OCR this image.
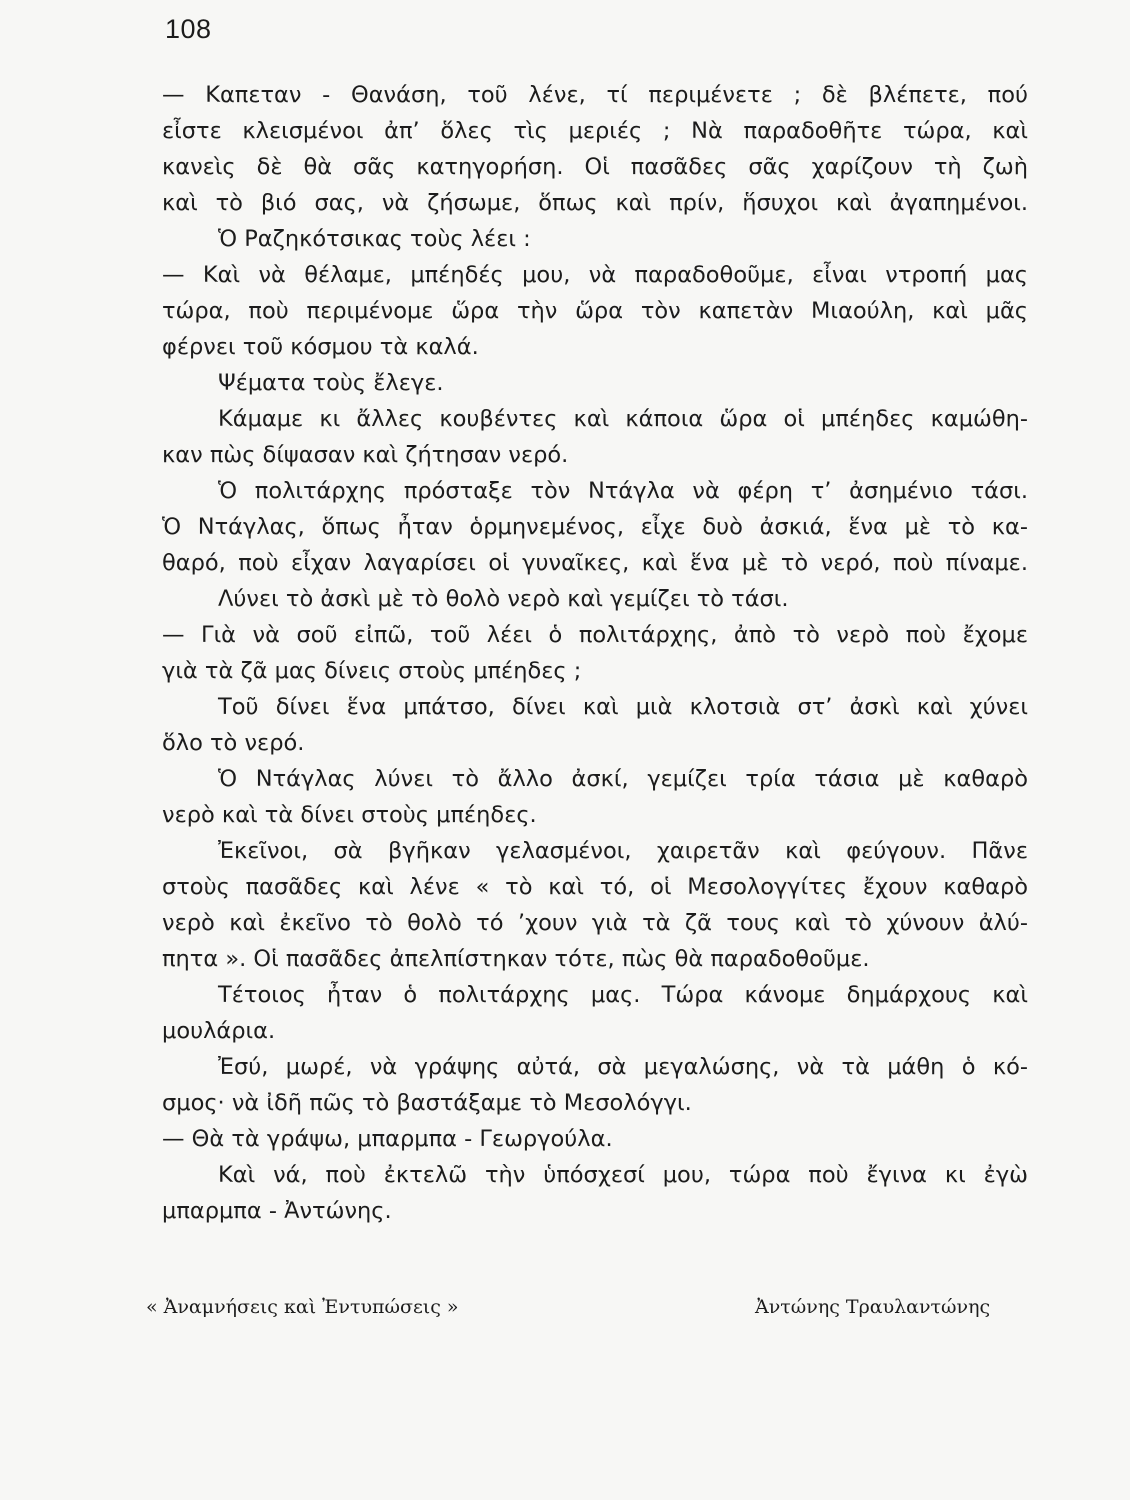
108
— Καπεταν - Θανάση, τοῦ λένε, τί περιμένετε ; δὲ βλέπετε, πού
εἶστε κλεισμένοι ἀπ’ ὅλες τὶς μεριές ; Νὰ παραδοθῆτε τώρα, καὶ
κανεὶς δὲ θὰ σᾶς κατηγορήση. Οἱ πασᾶδες σᾶς χαρίζουν τὴ ζωὴ
καὶ τὸ βιό σας, νὰ ζήσωμε, ὅπως καὶ πρίν, ἥσυχοι καὶ ἀγαπημένοι.
Ὁ Ραζηκότσικας τοὺς λέει :
— Καὶ νὰ θέλαμε, μπέηδές μου, νὰ παραδοθοῦμε, εἶναι ντροπή μας
τώρα, ποὺ περιμένομε ὥρα τὴν ὥρα τὸν καπετὰν Μιαούλη, καὶ μᾶς
φέρνει τοῦ κόσμου τὰ καλά.
Ψέματα τοὺς ἔλεγε.
Κάμαμε κι ἄλλες κουβέντες καὶ κάποια ὥρα οἱ μπέηδες καμώθη-
καν πὼς δίψασαν καὶ ζήτησαν νερό.
Ὁ πολιτάρχης πρόσταξε τὸν Ντάγλα νὰ φέρη τ’ ἀσημένιο τάσι.
Ὁ Ντάγλας, ὅπως ἦταν ὁρμηνεμένος, εἶχε δυὸ ἀσκιά, ἕνα μὲ τὸ κα-
θαρό, ποὺ εἶχαν λαγαρίσει οἱ γυναῖκες, καὶ ἕνα μὲ τὸ νερό, ποὺ πίναμε.
Λύνει τὸ ἀσκὶ μὲ τὸ θολὸ νερὸ καὶ γεμίζει τὸ τάσι.
— Γιὰ νὰ σοῦ εἰπῶ, τοῦ λέει ὁ πολιτάρχης, ἀπὸ τὸ νερὸ ποὺ ἔχομε
γιὰ τὰ ζᾶ μας δίνεις στοὺς μπέηδες ;
Τοῦ δίνει ἕνα μπάτσο, δίνει καὶ μιὰ κλοτσιὰ στ’ ἀσκὶ καὶ χύνει
ὅλο τὸ νερό.
Ὁ Ντάγλας λύνει τὸ ἄλλο ἀσκί, γεμίζει τρία τάσια μὲ καθαρὸ
νερὸ καὶ τὰ δίνει στοὺς μπέηδες.
Ἐκεῖνοι, σὰ βγῆκαν γελασμένοι, χαιρετᾶν καὶ φεύγουν. Πᾶνε
στοὺς πασᾶδες καὶ λένε « τὸ καὶ τό, οἱ Μεσολογγίτες ἔχουν καθαρὸ
νερὸ καὶ ἐκεῖνο τὸ θολὸ τό ’χουν γιὰ τὰ ζᾶ τους καὶ τὸ χύνουν ἀλύ-
πητα ». Οἱ πασᾶδες ἀπελπίστηκαν τότε, πὼς θὰ παραδοθοῦμε.
Τέτοιος ἦταν ὁ πολιτάρχης μας. Τώρα κάνομε δημάρχους καὶ
μουλάρια.
Ἐσύ, μωρέ, νὰ γράψης αὐτά, σὰ μεγαλώσης, νὰ τὰ μάθη ὁ κό-
σμος· νὰ ἰδῆ πῶς τὸ βαστάξαμε τὸ Μεσολόγγι.
— Θὰ τὰ γράψω, μπαρμπα - Γεωργούλα.
Καὶ νά, ποὺ ἐκτελῶ τὴν ὑπόσχεσί μου, τώρα ποὺ ἔγινα κι ἐγὼ
μπαρμπα - Ἀντώνης.
« Ἀναμνήσεις καὶ Ἐντυπώσεις »	Ἀντώνης Τραυλαντώνης
